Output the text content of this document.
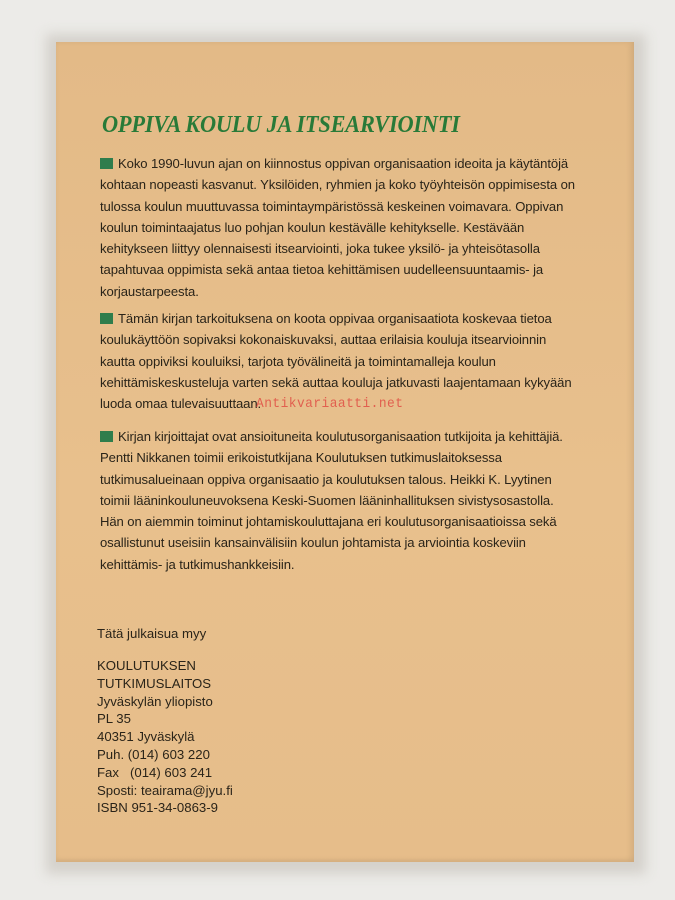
OPPIVA KOULU JA ITSEARVIOINTI

Koko 1990-luvun ajan on kiinnostus oppivan organisaation ideoita ja käytäntöjä kohtaan nopeasti kasvanut. Yksilöiden, ryhmien ja koko työyhteisön oppimisesta on tulossa koulun muuttuvassa toimintaympäristössä keskeinen voimavara. Oppivan koulun toimintaajatus luo pohjan koulun kestävälle kehitykselle. Kestävään kehitykseen liittyy olennaisesti itsearviointi, joka tukee yksilö- ja yhteisötasolla tapahtuvaa oppimista sekä antaa tietoa kehittämisen uudelleensuuntaamis- ja korjaustarpeesta.

Tämän kirjan tarkoituksena on koota oppivaa organisaatiota koskevaa tietoa koulukäyttöön sopivaksi kokonaiskuvaksi, auttaa erilaisia kouluja itsearvioinnin kautta oppiviksi kouluiksi, tarjota työvälineitä ja toimintamalleja koulun kehittämiskeskusteluja varten sekä auttaa kouluja jatkuvasti laajentamaan kykyään luoda omaa tulevaisuuttaan.

Kirjan kirjoittajat ovat ansioituneita koulutusorganisaation tutkijoita ja kehittäjiä. Pentti Nikkanen toimii erikoistutkijana Koulutuksen tutkimuslaitoksessa tutkimusalueinaan oppiva organisaatio ja koulutuksen talous. Heikki K. Lyytinen toimii lääninkouluneuvoksena Keski-Suomen lääninhallituksen sivistysosastolla. Hän on aiemmin toiminut johtamiskouluttajana eri koulutusorganisaatioissa sekä osallistunut useisiin kansainvälisiin koulun johtamista ja arviointia koskeviin kehittämis- ja tutkimushankkeisiin.

Antikvariaatti.net

Tätä julkaisua myy

KOULUTUKSEN
TUTKIMUSLAITOS
Jyväskylän yliopisto
PL 35
40351 Jyväskylä
Puh. (014) 603 220
Fax   (014) 603 241
Sposti: teairama@jyu.fi
ISBN 951-34-0863-9
